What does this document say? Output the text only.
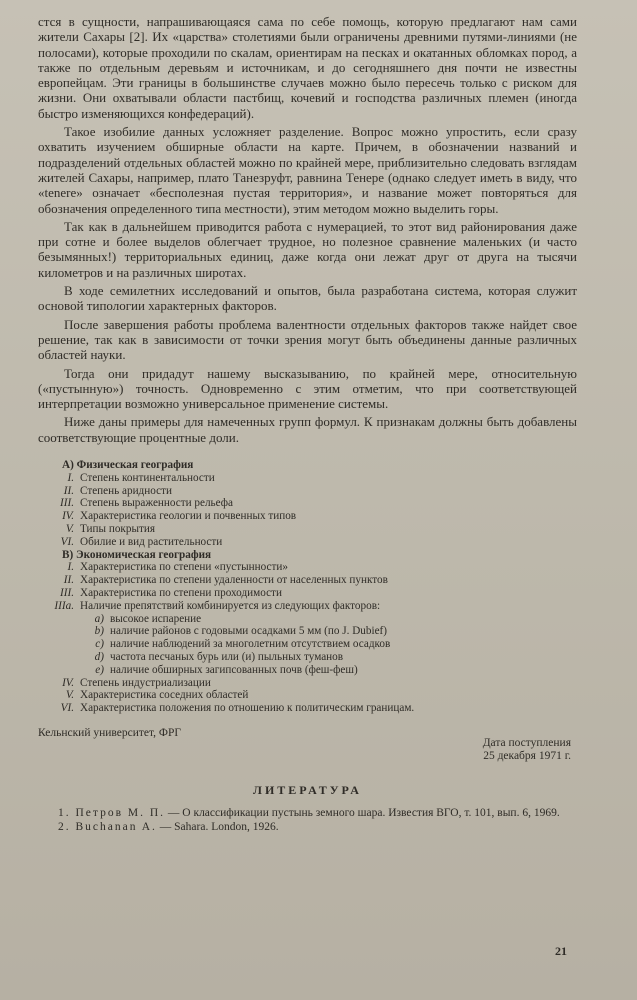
стся в сущности, напрашивающаяся сама по себе помощь, которую предлагают нам сами жители Сахары [2]. Их «царства» столетиями были ограничены древними путями-линиями (не полосами), которые проходили по скалам, ориентирам на песках и окатанных обломках пород, а также по отдельным деревьям и источникам, и до сегодняшнего дня почти не известны европейцам. Эти границы в большинстве случаев можно было пересечь только с риском для жизни. Они охватывали области пастбищ, кочевий и господства различных племен (иногда быстро изменяющихся конфедераций).

Такое изобилие данных усложняет разделение. Вопрос можно упростить, если сразу охватить изучением обширные области на карте. Причем, в обозначении названий и подразделений отдельных областей можно по крайней мере, приблизительно следовать взглядам жителей Сахары, например, плато Танезруфт, равнина Тенере (однако следует иметь в виду, что «tenere» означает «бесполезная пустая территория», и название может повторяться для обозначения определенного типа местности), этим методом можно выделить горы.

Так как в дальнейшем приводится работа с нумерацией, то этот вид районирования даже при сотне и более выделов облегчает трудное, но полезное сравнение маленьких (и часто безымянных!) территориальных единиц, даже когда они лежат друг от друга на тысячи километров и на различных широтах.

В ходе семилетних исследований и опытов, была разработана система, которая служит основой типологии характерных факторов.

После завершения работы проблема валентности отдельных факторов также найдет свое решение, так как в зависимости от точки зрения могут быть объединены данные различных областей науки.

Тогда они придадут нашему высказыванию, по крайней мере, относительную («пустынную») точность. Одновременно с этим отметим, что при соответствующей интерпретации возможно универсальное применение системы.

Ниже даны примеры для намеченных групп формул. К признакам должны быть добавлены соответствующие процентные доли.

А) Физическая география
I. Степень континентальности
II. Степень аридности
III. Степень выраженности рельефа
IV. Характеристика геологии и почвенных типов
V. Типы покрытия
VI. Обилие и вид растительности
В) Экономическая география
I. Характеристика по степени «пустынности»
II. Характеристика по степени удаленности от населенных пунктов
III. Характеристика по степени проходимости
IIIa. Наличие препятствий комбинируется из следующих факторов:
а) высокое испарение
b) наличие районов с годовыми осадками 5 мм (по J. Dubief)
с) наличие наблюдений за многолетним отсутствием осадков
d) частота песчаных бурь или (и) пыльных туманов
е) наличие обширных загипсованных почв (феш-феш)
IV. Степень индустриализации
V. Характеристика соседних областей
VI. Характеристика положения по отношению к политическим границам.
Кельнский университет, ФРГ
Дата поступления
25 декабря 1971 г.
ЛИТЕРАТУРА
1. Петров М. П. — О классификации пустынь земного шара. Известия ВГО, т. 101, вып. 6, 1969.
2. Buchanan A. — Sahara. London, 1926.
21
